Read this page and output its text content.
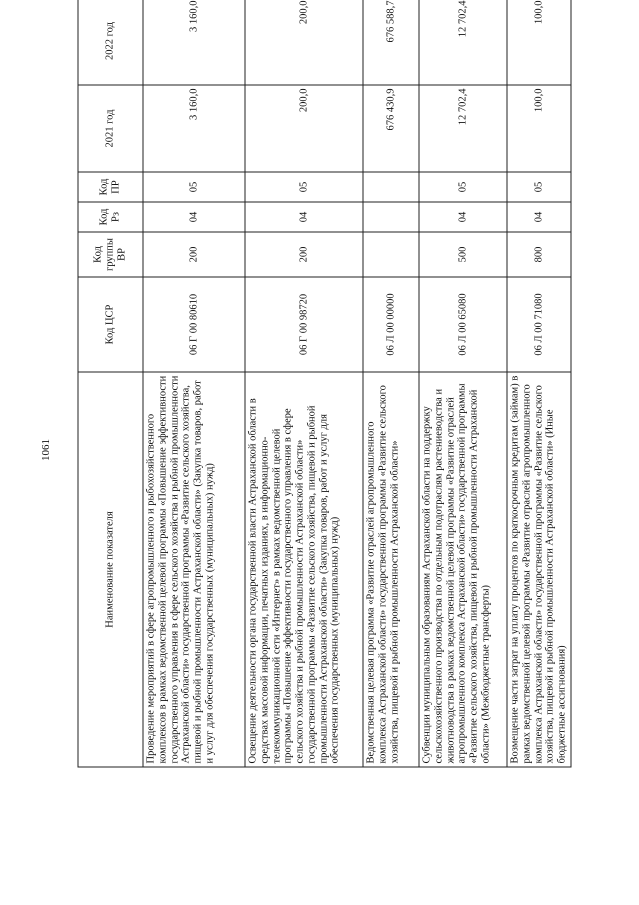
1061
Наименование показателя	Код ЦСР	Код группы ВР	Код Рз	Код ПР	2021 год	2022 год
Проведение мероприятий в сфере агропромышленного и рыбохозяйственного комплексов в рамках ведомственной целевой программы «Повышение эффективности государственного управления в сфере сельского хозяйства и рыбной промышленности Астраханской области» государственной программы «Развитие сельского хозяйства, пищевой и рыбной промышленности Астраханской области» (Закупка товаров, работ и услуг для обеспечения государственных (муниципальных) нужд)	06 Г 00 80610	200	04	05	3 160,0	3 160,0
Освещение деятельности органа государственной власти Астраханской области в средствах массовой информации, печатных изданиях, в информационно-телекоммуникационной сети «Интернет» в рамках ведомственной целевой программы «Повышение эффективности государственного управления в сфере сельского хозяйства и рыбной промышленности Астраханской области» государственной программы «Развитие сельского хозяйства, пищевой и рыбной промышленности Астраханской области» (Закупка товаров, работ и услуг для обеспечения государственных (муниципальных) нужд)	06 Г 00 98720	200	04	05	200,0	200,0
Ведомственная целевая программа «Развитие отраслей агропромышленного комплекса Астраханской области» государственной программы «Развитие сельского хозяйства, пищевой и рыбной промышленности Астраханской области»	06 Л 00 00000				676 430,9	676 588,7
Субвенции муниципальным образованиям Астраханской области на поддержку сельскохозяйственного производства по отдельным подотраслям растениеводства и животноводства в рамках ведомственной целевой программы «Развитие отраслей агропромышленного комплекса Астраханской области» государственной программы «Развитие сельского хозяйства, пищевой и рыбной промышленности Астраханской области» (Межбюджетные трансферты)	06 Л 00 65080	500	04	05	12 702,4	12 702,4
Возмещение части затрат на уплату процентов по краткосрочным кредитам (займам) в рамках ведомственной целевой программы «Развитие отраслей агропромышленного комплекса Астраханской области» государственной программы «Развитие сельского хозяйства, пищевой и рыбной промышленности Астраханской области» (Иные бюджетные ассигнования)	06 Л 00 71080	800	04	05	100,0	100,0
